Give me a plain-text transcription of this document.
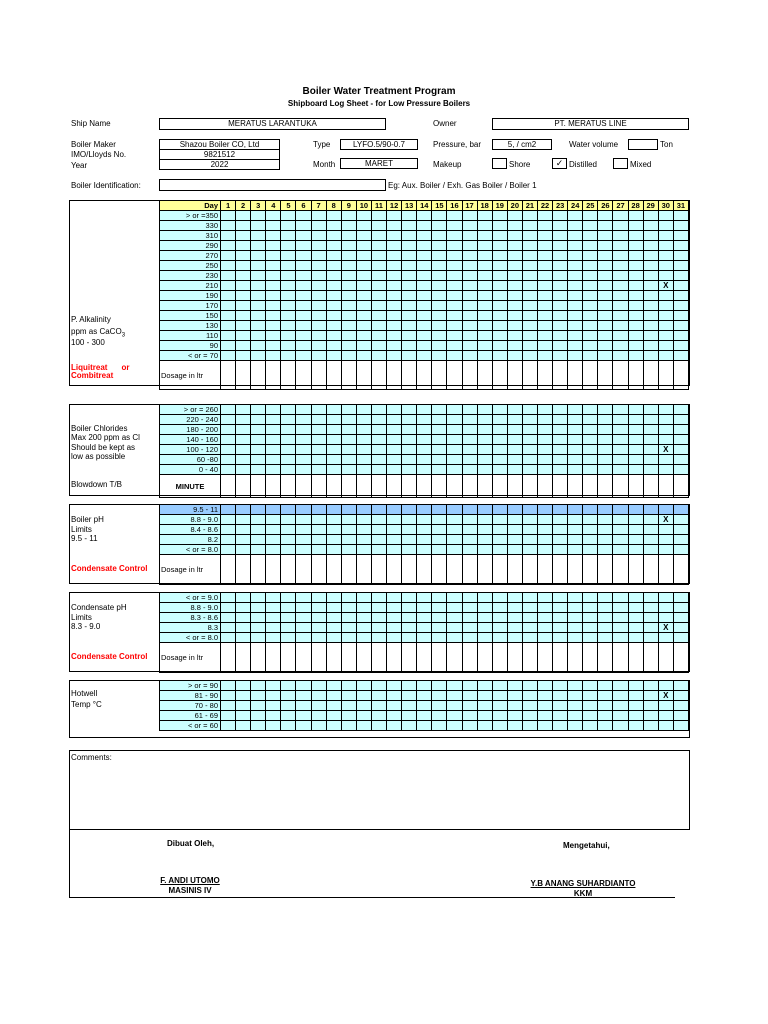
Boiler Water Treatment Program
Shipboard Log Sheet - for Low Pressure Boilers
Ship Name	MERATUS LARANTUKA	Owner	PT. MERATUS LINE
Boiler Maker	Shazou Boiler CO, Ltd
IMO/Lloyds No.	9821512
Year	2022
Type	LYFO.5/90-0.7
Month	MARET
Pressure, bar	5, / cm2	Water volume	Ton
Makeup	Shore	✓ Distilled	Mixed
Boiler Identification:	Eg: Aux. Boiler / Exh. Gas Boiler / Boiler 1
P. Alkalinity
ppm as CaCO$_3$
100 - 300
Liquitreat or
Combitreat
Boiler Chlorides
Max 200 ppm as Cl
Should be kept as
low as possible
Blowdown T/B
Boiler pH
Limits
9.5 - 11
Condensate Control
Condensate pH
Limits
8.3 - 9.0
Condensate Control
Hotwell
Temp °C
Day	1	2	3	4	5	6	7	8	9	10	11	12	13	14	15	16	17	18	19	20	21	22	23	24	25	26	27	28	29	30	31
> or =350																															
330																															
310																															
290																															
270																															
250																															
230																															
210																														X	
190																															
170																															
150																															
130																															
110																															
90																															
< or = 70																															
Dosage in ltr																															
> or = 260																															
220 - 240																															
180 - 200																															
140 - 160																															
100 - 120																														X	
60 -80																															
0 - 40																															
MINUTE																															
9.5 - 11																															
8.8 - 9.0																														X	
8.4 - 8.6																															
8.2																															
< or = 8.0																															
Dosage in ltr																															
< or = 9.0																															
8.8 - 9.0																															
8.3 - 8.6																															
8.3																														X	
< or = 8.0																															
Dosage in ltr																															
> or = 90																															
81 - 90																														X	
70 - 80																															
61 - 69																															
< or = 60																															
Comments:
Dibuat Oleh,	Mengetahui,
F. ANDI UTOMO
MASINIS IV
Y.B ANANG SUHARDIANTO
KKM
